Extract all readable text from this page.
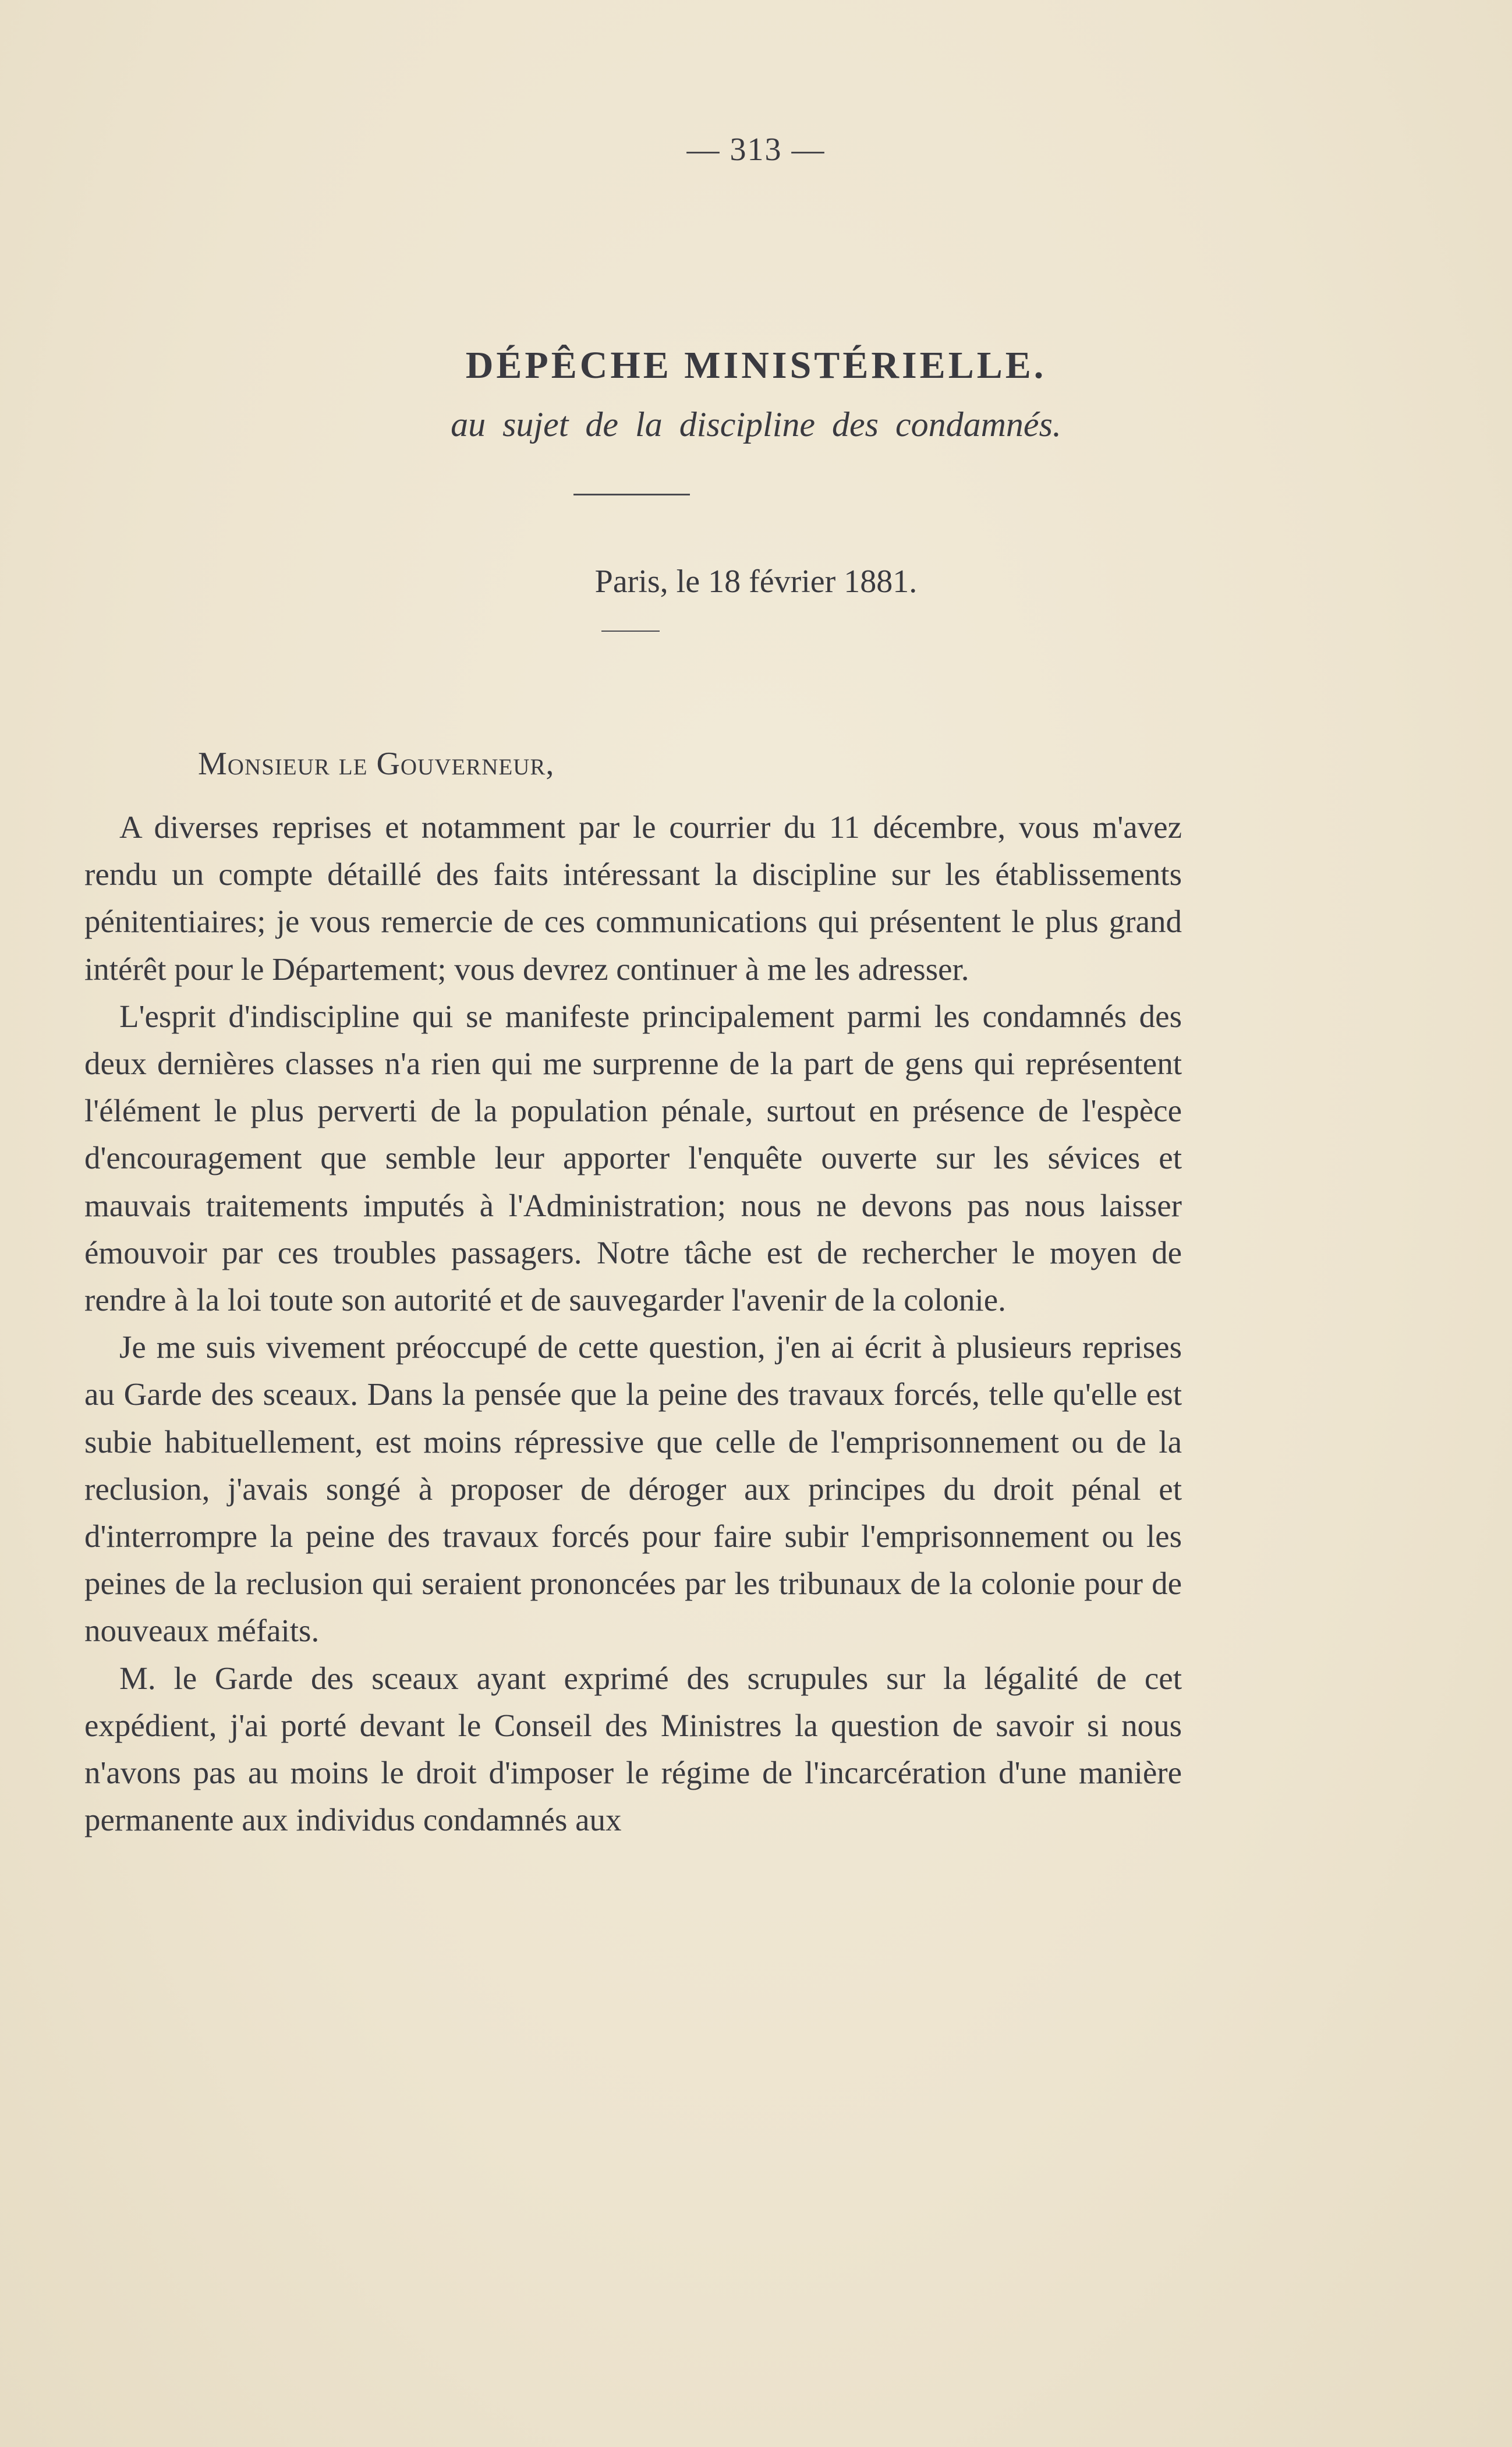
— 313 —
DÉPÊCHE MINISTÉRIELLE.
au sujet de la discipline des condamnés.
Paris, le 18 février 1881.
Monsieur le Gouverneur,

A diverses reprises et notamment par le courrier du 11 décembre, vous m'avez rendu un compte détaillé des faits intéressant la discipline sur les établissements pénitentiaires; je vous remercie de ces communications qui présentent le plus grand intérêt pour le Département; vous devrez continuer à me les adresser.

L'esprit d'indiscipline qui se manifeste principalement parmi les condamnés des deux dernières classes n'a rien qui me surprenne de la part de gens qui représentent l'élément le plus perverti de la population pénale, surtout en présence de l'espèce d'encouragement que semble leur apporter l'enquête ouverte sur les sévices et mauvais traitements imputés à l'Administration; nous ne devons pas nous laisser émouvoir par ces troubles passagers. Notre tâche est de rechercher le moyen de rendre à la loi toute son autorité et de sauvegarder l'avenir de la colonie.

Je me suis vivement préoccupé de cette question, j'en ai écrit à plusieurs reprises au Garde des sceaux. Dans la pensée que la peine des travaux forcés, telle qu'elle est subie habituellement, est moins répressive que celle de l'emprisonnement ou de la reclusion, j'avais songé à proposer de déroger aux principes du droit pénal et d'interrompre la peine des travaux forcés pour faire subir l'emprisonnement ou les peines de la reclusion qui seraient prononcées par les tribunaux de la colonie pour de nouveaux méfaits.

M. le Garde des sceaux ayant exprimé des scrupules sur la légalité de cet expédient, j'ai porté devant le Conseil des Ministres la question de savoir si nous n'avons pas au moins le droit d'imposer le régime de l'incarcération d'une manière permanente aux individus condamnés aux
